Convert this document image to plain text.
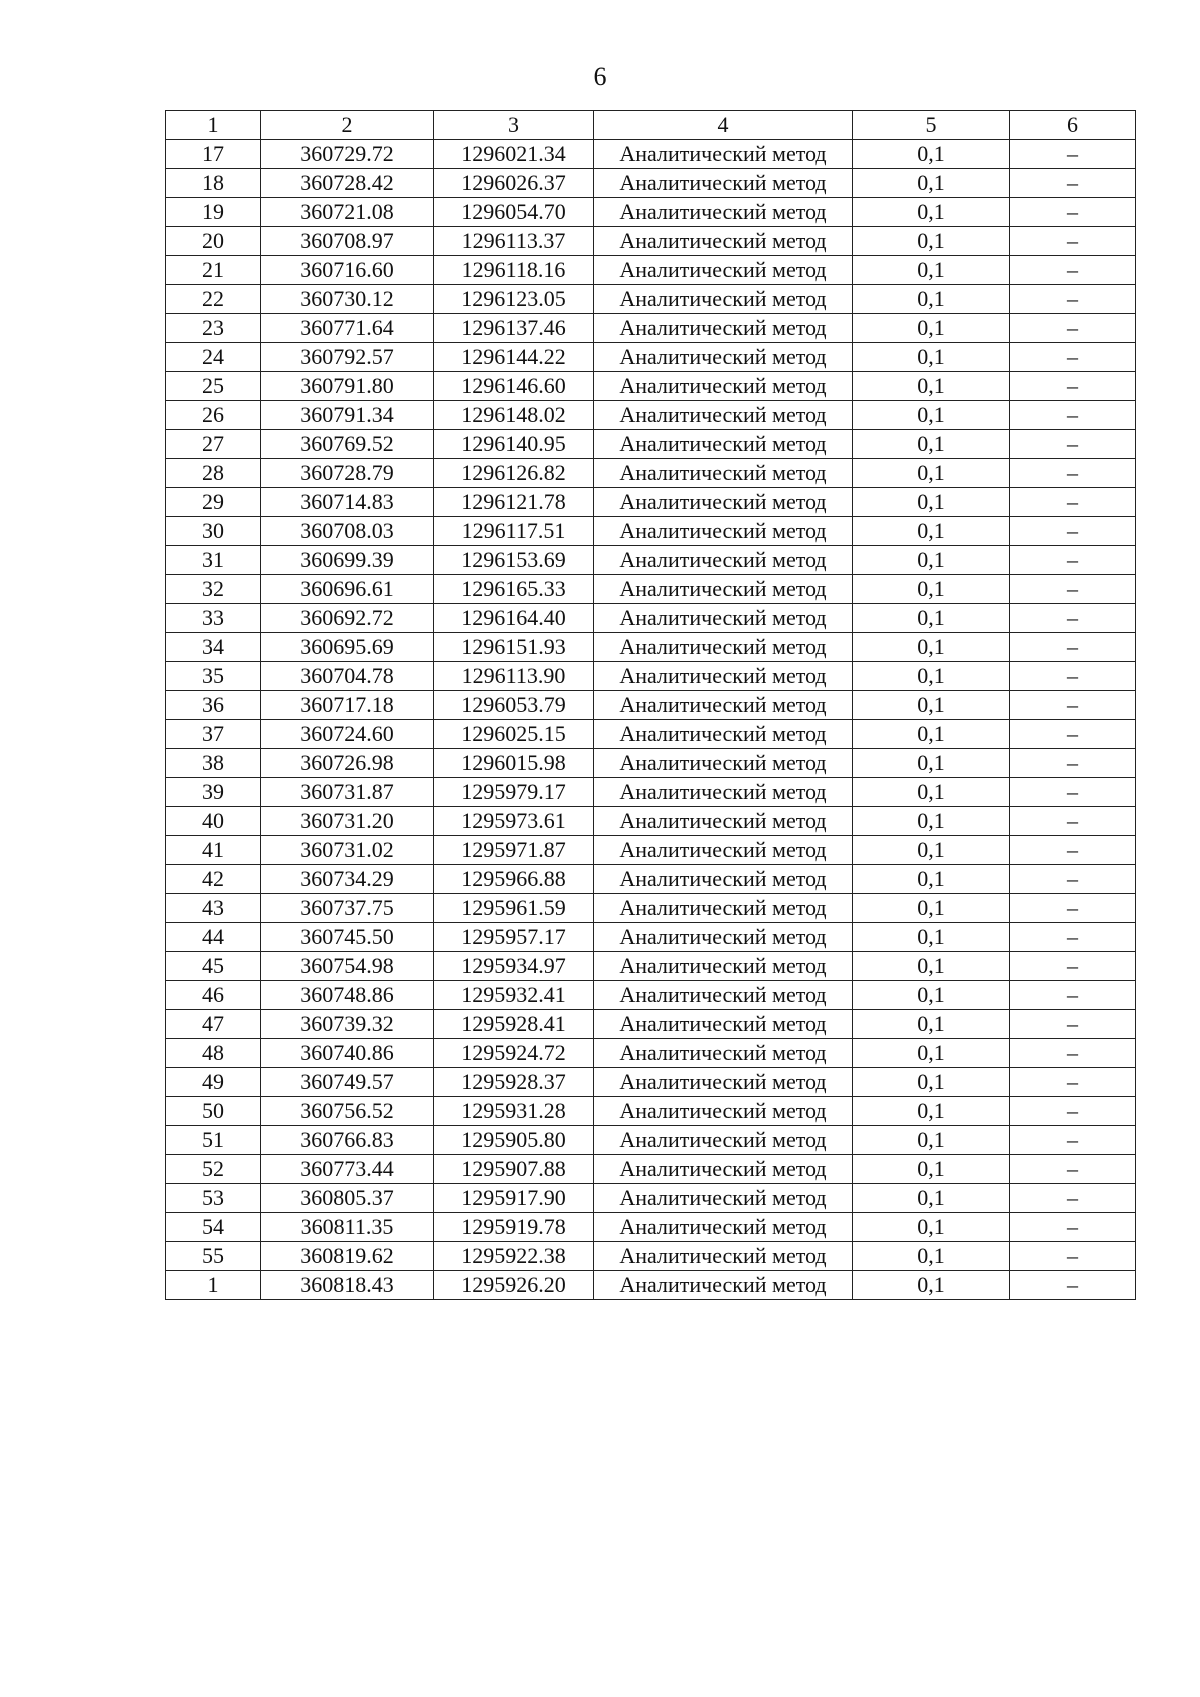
6
1	2	3	4	5	6
17	360729.72	1296021.34	Аналитический метод	0,1	–
18	360728.42	1296026.37	Аналитический метод	0,1	–
19	360721.08	1296054.70	Аналитический метод	0,1	–
20	360708.97	1296113.37	Аналитический метод	0,1	–
21	360716.60	1296118.16	Аналитический метод	0,1	–
22	360730.12	1296123.05	Аналитический метод	0,1	–
23	360771.64	1296137.46	Аналитический метод	0,1	–
24	360792.57	1296144.22	Аналитический метод	0,1	–
25	360791.80	1296146.60	Аналитический метод	0,1	–
26	360791.34	1296148.02	Аналитический метод	0,1	–
27	360769.52	1296140.95	Аналитический метод	0,1	–
28	360728.79	1296126.82	Аналитический метод	0,1	–
29	360714.83	1296121.78	Аналитический метод	0,1	–
30	360708.03	1296117.51	Аналитический метод	0,1	–
31	360699.39	1296153.69	Аналитический метод	0,1	–
32	360696.61	1296165.33	Аналитический метод	0,1	–
33	360692.72	1296164.40	Аналитический метод	0,1	–
34	360695.69	1296151.93	Аналитический метод	0,1	–
35	360704.78	1296113.90	Аналитический метод	0,1	–
36	360717.18	1296053.79	Аналитический метод	0,1	–
37	360724.60	1296025.15	Аналитический метод	0,1	–
38	360726.98	1296015.98	Аналитический метод	0,1	–
39	360731.87	1295979.17	Аналитический метод	0,1	–
40	360731.20	1295973.61	Аналитический метод	0,1	–
41	360731.02	1295971.87	Аналитический метод	0,1	–
42	360734.29	1295966.88	Аналитический метод	0,1	–
43	360737.75	1295961.59	Аналитический метод	0,1	–
44	360745.50	1295957.17	Аналитический метод	0,1	–
45	360754.98	1295934.97	Аналитический метод	0,1	–
46	360748.86	1295932.41	Аналитический метод	0,1	–
47	360739.32	1295928.41	Аналитический метод	0,1	–
48	360740.86	1295924.72	Аналитический метод	0,1	–
49	360749.57	1295928.37	Аналитический метод	0,1	–
50	360756.52	1295931.28	Аналитический метод	0,1	–
51	360766.83	1295905.80	Аналитический метод	0,1	–
52	360773.44	1295907.88	Аналитический метод	0,1	–
53	360805.37	1295917.90	Аналитический метод	0,1	–
54	360811.35	1295919.78	Аналитический метод	0,1	–
55	360819.62	1295922.38	Аналитический метод	0,1	–
1	360818.43	1295926.20	Аналитический метод	0,1	–
